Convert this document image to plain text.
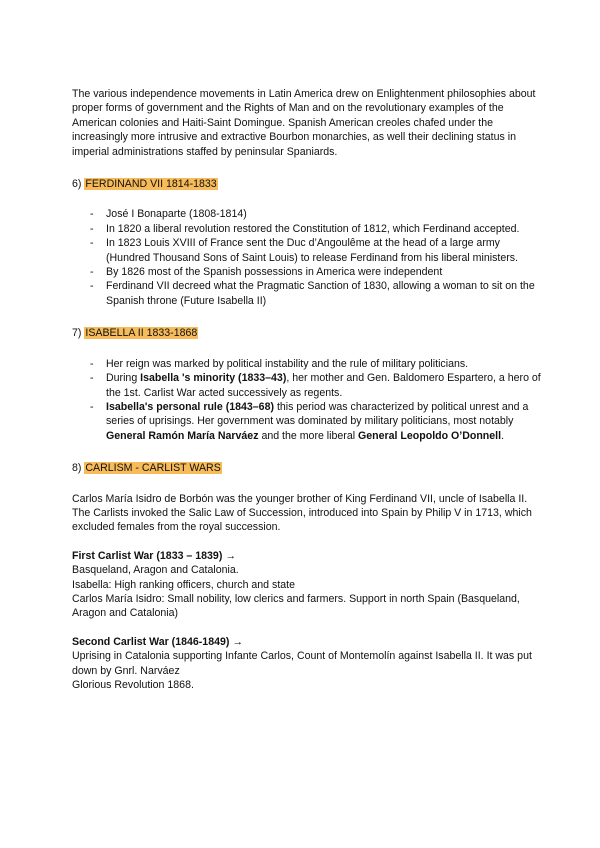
The various independence movements in Latin America drew on Enlightenment philosophies about proper forms of government and the Rights of Man and on the revolutionary examples of the American colonies and Haiti-Saint Domingue. Spanish American creoles chafed under the increasingly more intrusive and extractive Bourbon monarchies, as well their declining status in imperial administrations staffed by peninsular Spaniards.

6) FERDINAND VII 1814-1833

- José I Bonaparte (1808-1814)
- In 1820 a liberal revolution restored the Constitution of 1812, which Ferdinand accepted.
- In 1823 Louis XVIII of France sent the Duc d’Angoulême at the head of a large army (Hundred Thousand Sons of Saint Louis) to release Ferdinand from his liberal ministers.
- By 1826 most of the Spanish possessions in America were independent
- Ferdinand VII decreed what the Pragmatic Sanction of 1830, allowing a woman to sit on the Spanish throne (Future Isabella II)

7) ISABELLA II 1833-1868

- Her reign was marked by political instability and the rule of military politicians.
- During Isabella 's minority (1833–43), her mother and Gen. Baldomero Espartero, a hero of the 1st. Carlist War acted successively as regents.
- Isabella's personal rule (1843–68) this period was characterized by political unrest and a series of uprisings. Her government was dominated by military politicians, most notably General Ramón María Narváez and the more liberal General Leopoldo O’Donnell.

8) CARLISM - CARLIST WARS

Carlos María Isidro de Borbón was the younger brother of King Ferdinand VII, uncle of Isabella II.

The Carlists invoked the Salic Law of Succession, introduced into Spain by Philip V in 1713, which excluded females from the royal succession.

First Carlist War (1833 – 1839) →

Basqueland, Aragon and Catalonia.

Isabella: High ranking officers, church and state

Carlos María Isidro: Small nobility, low clerics and farmers. Support in north Spain (Basqueland, Aragon and Catalonia)

Second Carlist War (1846-1849) →

Uprising in Catalonia supporting Infante Carlos, Count of Montemolín against Isabella II. It was put down by Gnrl. Narváez

Glorious Revolution 1868.
